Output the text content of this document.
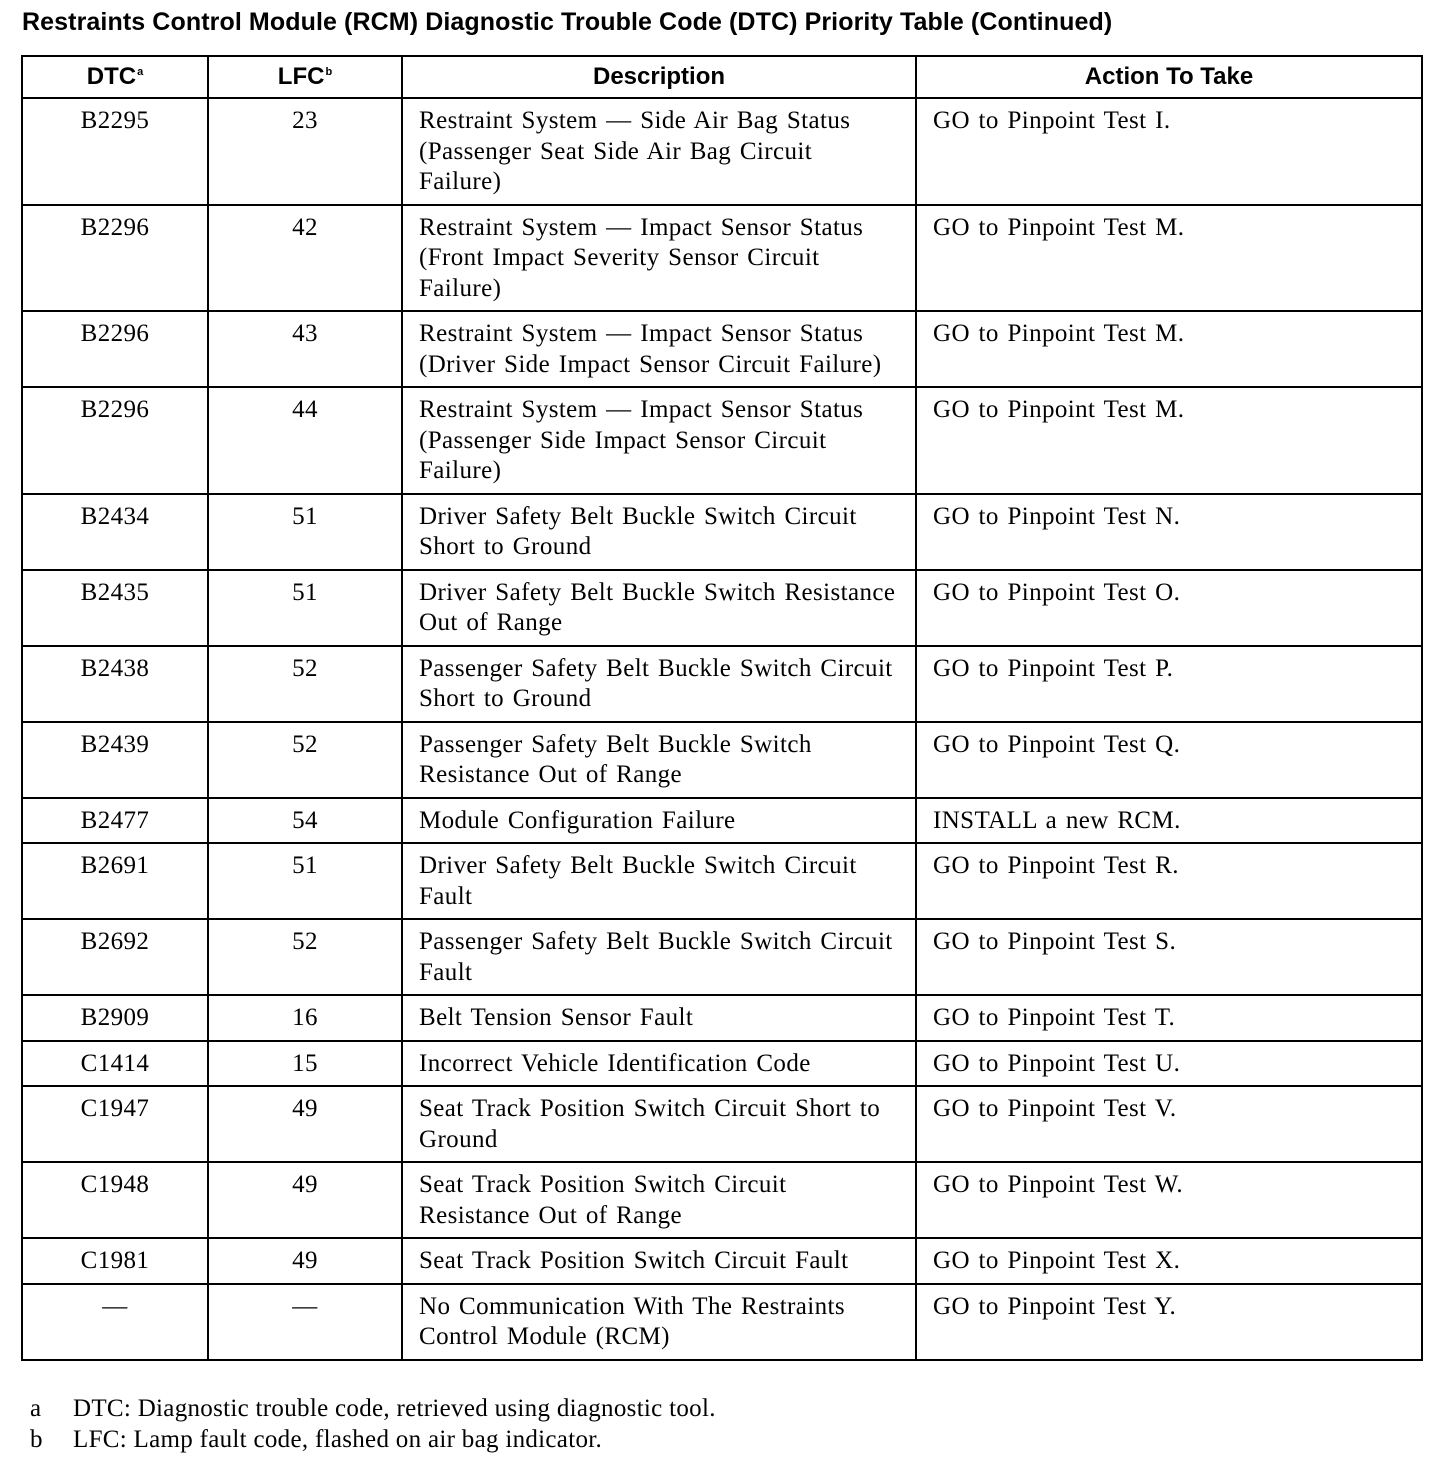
Restraints Control Module (RCM) Diagnostic Trouble Code (DTC) Priority Table (Continued)
DTC$^a$	LFC$^b$	Description	Action To Take
B2295	23	Restraint System — Side Air Bag Status (Passenger Seat Side Air Bag Circuit Failure)	GO to Pinpoint Test I.
B2296	42	Restraint System — Impact Sensor Status (Front Impact Severity Sensor Circuit Failure)	GO to Pinpoint Test M.
B2296	43	Restraint System — Impact Sensor Status (Driver Side Impact Sensor Circuit Failure)	GO to Pinpoint Test M.
B2296	44	Restraint System — Impact Sensor Status (Passenger Side Impact Sensor Circuit Failure)	GO to Pinpoint Test M.
B2434	51	Driver Safety Belt Buckle Switch Circuit Short to Ground	GO to Pinpoint Test N.
B2435	51	Driver Safety Belt Buckle Switch Resistance Out of Range	GO to Pinpoint Test O.
B2438	52	Passenger Safety Belt Buckle Switch Circuit Short to Ground	GO to Pinpoint Test P.
B2439	52	Passenger Safety Belt Buckle Switch Resistance Out of Range	GO to Pinpoint Test Q.
B2477	54	Module Configuration Failure	INSTALL a new RCM.
B2691	51	Driver Safety Belt Buckle Switch Circuit Fault	GO to Pinpoint Test R.
B2692	52	Passenger Safety Belt Buckle Switch Circuit Fault	GO to Pinpoint Test S.
B2909	16	Belt Tension Sensor Fault	GO to Pinpoint Test T.
C1414	15	Incorrect Vehicle Identification Code	GO to Pinpoint Test U.
C1947	49	Seat Track Position Switch Circuit Short to Ground	GO to Pinpoint Test V.
C1948	49	Seat Track Position Switch Circuit Resistance Out of Range	GO to Pinpoint Test W.
C1981	49	Seat Track Position Switch Circuit Fault	GO to Pinpoint Test X.
—	—	No Communication With The Restraints Control Module (RCM)	GO to Pinpoint Test Y.
a DTC: Diagnostic trouble code, retrieved using diagnostic tool.
b LFC: Lamp fault code, flashed on air bag indicator.
